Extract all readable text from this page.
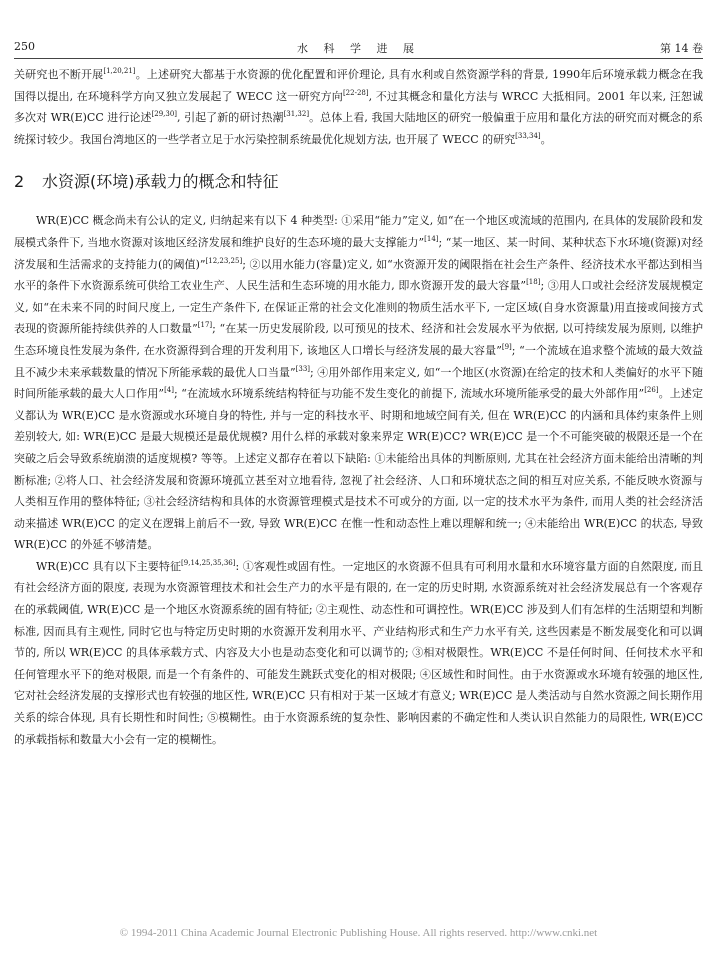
250	水 科 学 进 展	第 14 卷

关研究也不断开展[1,20,21]。上述研究大都基于水资源的优化配置和评价理论, 具有水利或自然资源学科的背景, 1990年后环境承载力概念在我国得以提出, 在环境科学方向又独立发展起了 WECC 这一研究方向[22-28], 不过其概念和量化方法与 WRCC 大抵相同。2001 年以来, 汪恕诚多次对 WR(E)CC 进行论述[29,30], 引起了新的研讨热潮[31,32]。总体上看, 我国大陆地区的研究一般偏重于应用和量化方法的研究而对概念的系统探讨较少。我国台湾地区的一些学者立足于水污染控制系统最优化规划方法, 也开展了 WECC 的研究[33,34]。

2 水资源(环境)承载力的概念和特征

WR(E)CC 概念尚未有公认的定义, 归纳起来有以下 4 种类型: ①采用“能力”定义, 如“在一个地区或流域的范围内, 在具体的发展阶段和发展模式条件下, 当地水资源对该地区经济发展和维护良好的生态环境的最大支撑能力”[14]; “某一地区、某一时间、某种状态下水环境(资源)对经济发展和生活需求的支持能力(的阈值)”[12,23,25]; ②以用水能力(容量)定义, 如“水资源开发的阈限指在社会生产条件、经济技术水平都达到相当水平的条件下水资源系统可供给工农业生产、人民生活和生态环境的用水能力, 即水资源开发的最大容量”[18]; ③用人口或社会经济发展规模定义, 如“在未来不同的时间尺度上, 一定生产条件下, 在保证正常的社会文化准则的物质生活水平下, 一定区域(自身水资源量)用直接或间接方式表现的资源所能持续供养的人口数量”[17]; “在某一历史发展阶段, 以可预见的技术、经济和社会发展水平为依据, 以可持续发展为原则, 以维护生态环境良性发展为条件, 在水资源得到合理的开发利用下, 该地区人口增长与经济发展的最大容量”[9]; “一个流域在追求整个流域的最大效益且不减少未来承载数量的情况下所能承载的最优人口当量”[33]; ④用外部作用来定义, 如“一个地区(水资源)在给定的技术和人类偏好的水平下随时间所能承载的最大人口作用”[4]; “在流域水环境系统结构特征与功能不发生变化的前提下, 流域水环境所能承受的最大外部作用”[26]。上述定义都认为 WR(E)CC 是水资源或水环境自身的特性, 并与一定的科技水平、时期和地域空间有关, 但在 WR(E)CC 的内涵和具体约束条件上则差别较大, 如: WR(E)CC 是最大规模还是最优规模? 用什么样的承载对象来界定 WR(E)CC? WR(E)CC 是一个不可能突破的极限还是一个在突破之后会导致系统崩溃的适度规模? 等等。上述定义都存在着以下缺陷: ①未能给出具体的判断原则, 尤其在社会经济方面未能给出清晰的判断标准; ②将人口、社会经济发展和资源环境孤立甚至对立地看待, 忽视了社会经济、人口和环境状态之间的相互对应关系, 不能反映水资源与人类相互作用的整体特征; ③社会经济结构和具体的水资源管理模式是技术不可或分的方面, 以一定的技术水平为条件, 而用人类的社会经济活动来描述 WR(E)CC 的定义在逻辑上前后不一致, 导致 WR(E)CC 在惟一性和动态性上难以理解和统一; ④未能给出 WR(E)CC 的状态, 导致 WR(E)CC 的外延不够清楚。

WR(E)CC 具有以下主要特征[9,14,25,35,36]: ①客观性或固有性。一定地区的水资源不但具有可利用水量和水环境容量方面的自然限度, 而且有社会经济方面的限度, 表现为水资源管理技术和社会生产力的水平是有限的, 在一定的历史时期, 水资源系统对社会经济发展总有一个客观存在的承载阈值, WR(E)CC 是一个地区水资源系统的固有特征; ②主观性、动态性和可调控性。WR(E)CC 涉及到人们有怎样的生活期望和判断标准, 因而具有主观性, 同时它也与特定历史时期的水资源开发利用水平、产业结构形式和生产力水平有关, 这些因素是不断发展变化和可以调节的, 所以 WR(E)CC 的具体承载方式、内容及大小也是动态变化和可以调节的; ③相对极限性。WR(E)CC 不是任何时间、任何技术水平和任何管理水平下的绝对极限, 而是一个有条件的、可能发生跳跃式变化的相对极限; ④区域性和时间性。由于水资源或水环境有较强的地区性, 它对社会经济发展的支撑形式也有较强的地区性, WR(E)CC 只有相对于某一区域才有意义; WR(E)CC 是人类活动与自然水资源之间长期作用关系的综合体现, 具有长期性和时间性; ⑤模糊性。由于水资源系统的复杂性、影响因素的不确定性和人类认识自然能力的局限性, WR(E)CC 的承载指标和数量大小会有一定的模糊性。

© 1994-2011 China Academic Journal Electronic Publishing House. All rights reserved. http://www.cnki.net
